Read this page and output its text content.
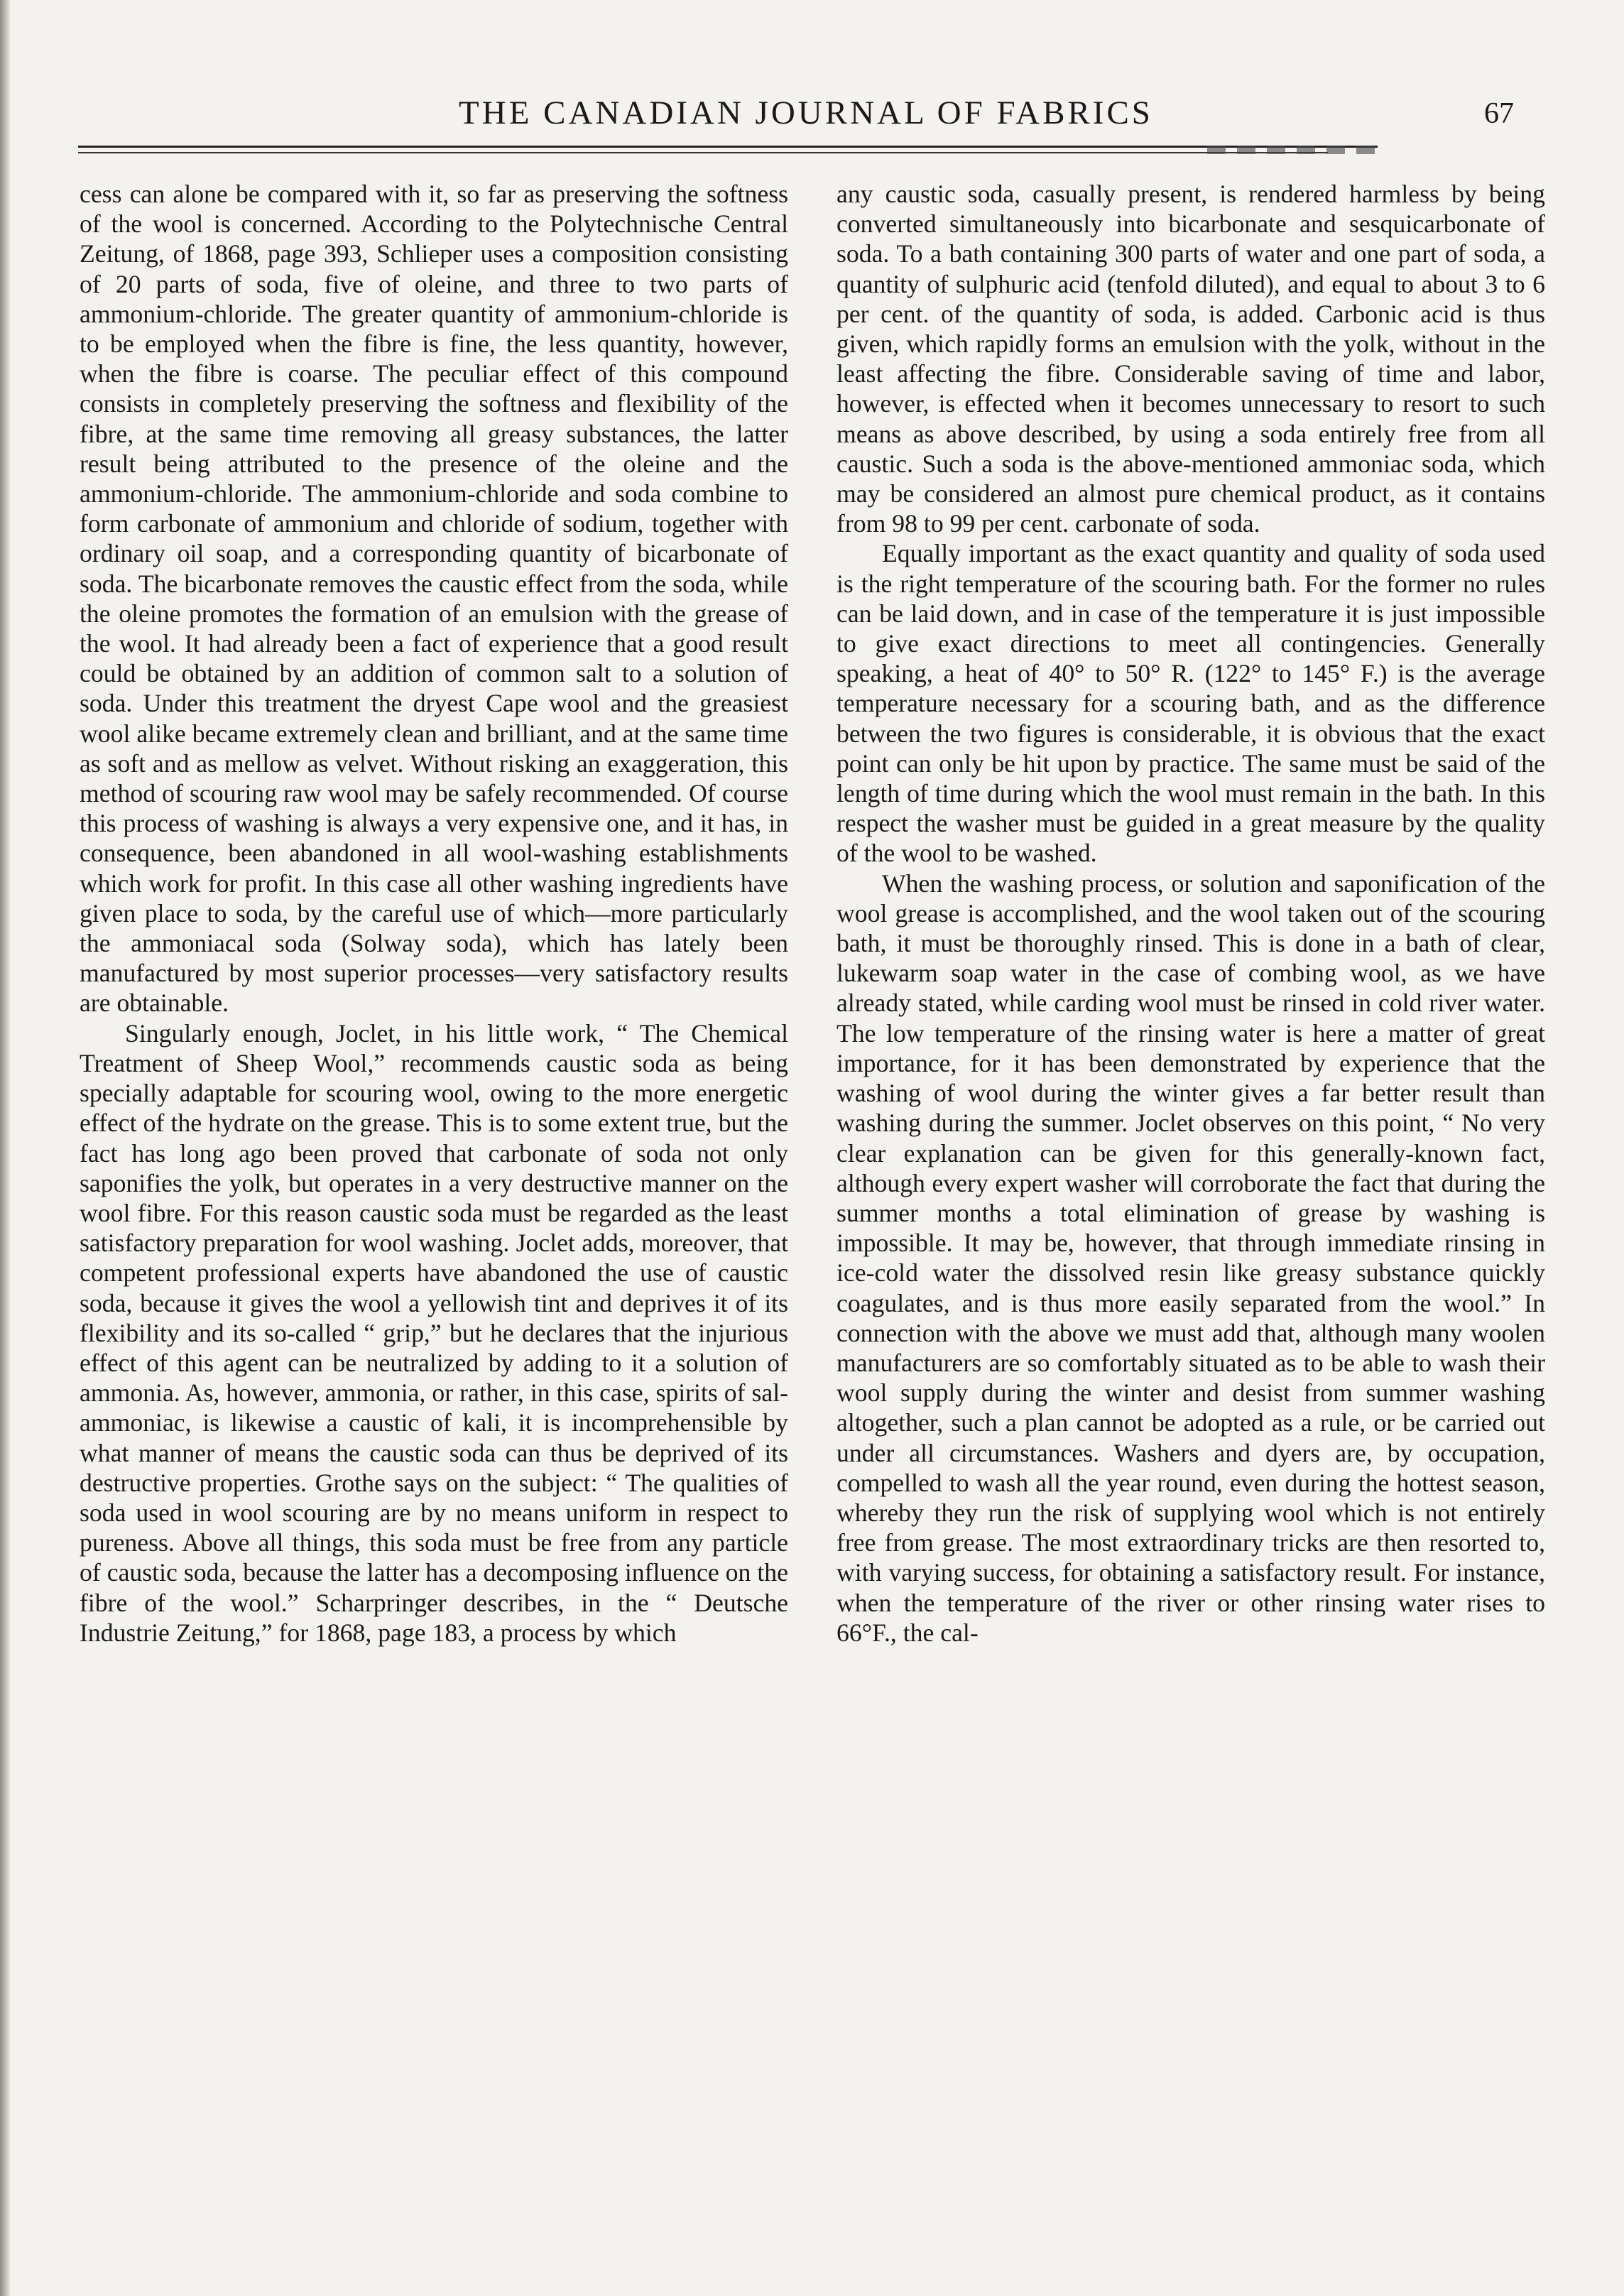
THE CANADIAN JOURNAL OF FABRICS	67

cess can alone be compared with it, so far as preserving the softness of the wool is concerned. According to the Polytechnische Central Zeitung, of 1868, page 393, Schlieper uses a composition consisting of 20 parts of soda, five of oleine, and three to two parts of ammonium-chloride. The greater quantity of ammonium-chloride is to be employed when the fibre is fine, the less quantity, however, when the fibre is coarse. The peculiar effect of this compound consists in completely preserving the softness and flexibility of the fibre, at the same time removing all greasy substances, the latter result being attributed to the presence of the oleine and the ammonium-chloride. The ammonium-chloride and soda combine to form carbonate of ammonium and chloride of sodium, together with ordinary oil soap, and a corresponding quantity of bicarbonate of soda. The bicarbonate removes the caustic effect from the soda, while the oleine promotes the formation of an emulsion with the grease of the wool. It had already been a fact of experience that a good result could be obtained by an addition of common salt to a solution of soda. Under this treatment the dryest Cape wool and the greasiest wool alike became extremely clean and brilliant, and at the same time as soft and as mellow as velvet. Without risking an exaggeration, this method of scouring raw wool may be safely recommended. Of course this process of washing is always a very expensive one, and it has, in consequence, been abandoned in all wool-washing establishments which work for profit. In this case all other washing ingredients have given place to soda, by the careful use of which—more particularly the ammoniacal soda (Solway soda), which has lately been manufactured by most superior processes—very satisfactory results are obtainable.

Singularly enough, Joclet, in his little work, “ The Chemical Treatment of Sheep Wool,” recommends caustic soda as being specially adaptable for scouring wool, owing to the more energetic effect of the hydrate on the grease. This is to some extent true, but the fact has long ago been proved that carbonate of soda not only saponifies the yolk, but operates in a very destructive manner on the wool fibre. For this reason caustic soda must be regarded as the least satisfactory preparation for wool washing. Joclet adds, moreover, that competent professional experts have abandoned the use of caustic soda, because it gives the wool a yellowish tint and deprives it of its flexibility and its so-called “ grip,” but he declares that the injurious effect of this agent can be neutralized by adding to it a solution of ammonia. As, however, ammonia, or rather, in this case, spirits of sal-ammoniac, is likewise a caustic of kali, it is incomprehensible by what manner of means the caustic soda can thus be deprived of its destructive properties. Grothe says on the subject: “ The qualities of soda used in wool scouring are by no means uniform in respect to pureness. Above all things, this soda must be free from any particle of caustic soda, because the latter has a decomposing influence on the fibre of the wool.” Scharpringer describes, in the “ Deutsche Industrie Zeitung,” for 1868, page 183, a process by which

any caustic soda, casually present, is rendered harmless by being converted simultaneously into bicarbonate and sesquicarbonate of soda. To a bath containing 300 parts of water and one part of soda, a quantity of sulphuric acid (tenfold diluted), and equal to about 3 to 6 per cent. of the quantity of soda, is added. Carbonic acid is thus given, which rapidly forms an emulsion with the yolk, without in the least affecting the fibre. Considerable saving of time and labor, however, is effected when it becomes unnecessary to resort to such means as above described, by using a soda entirely free from all caustic. Such a soda is the above-mentioned ammoniac soda, which may be considered an almost pure chemical product, as it contains from 98 to 99 per cent. carbonate of soda.

Equally important as the exact quantity and quality of soda used is the right temperature of the scouring bath. For the former no rules can be laid down, and in case of the temperature it is just impossible to give exact directions to meet all contingencies. Generally speaking, a heat of 40° to 50° R. (122° to 145° F.) is the average temperature necessary for a scouring bath, and as the difference between the two figures is considerable, it is obvious that the exact point can only be hit upon by practice. The same must be said of the length of time during which the wool must remain in the bath. In this respect the washer must be guided in a great measure by the quality of the wool to be washed.

When the washing process, or solution and saponification of the wool grease is accomplished, and the wool taken out of the scouring bath, it must be thoroughly rinsed. This is done in a bath of clear, lukewarm soap water in the case of combing wool, as we have already stated, while carding wool must be rinsed in cold river water. The low temperature of the rinsing water is here a matter of great importance, for it has been demonstrated by experience that the washing of wool during the winter gives a far better result than washing during the summer. Joclet observes on this point, “ No very clear explanation can be given for this generally-known fact, although every expert washer will corroborate the fact that during the summer months a total elimination of grease by washing is impossible. It may be, however, that through immediate rinsing in ice-cold water the dissolved resin like greasy substance quickly coagulates, and is thus more easily separated from the wool.” In connection with the above we must add that, although many woolen manufacturers are so comfortably situated as to be able to wash their wool supply during the winter and desist from summer washing altogether, such a plan cannot be adopted as a rule, or be carried out under all circumstances. Washers and dyers are, by occupation, compelled to wash all the year round, even during the hottest season, whereby they run the risk of supplying wool which is not entirely free from grease. The most extraordinary tricks are then resorted to, with varying success, for obtaining a satisfactory result. For instance, when the temperature of the river or other rinsing water rises to 66°F., the cal-
